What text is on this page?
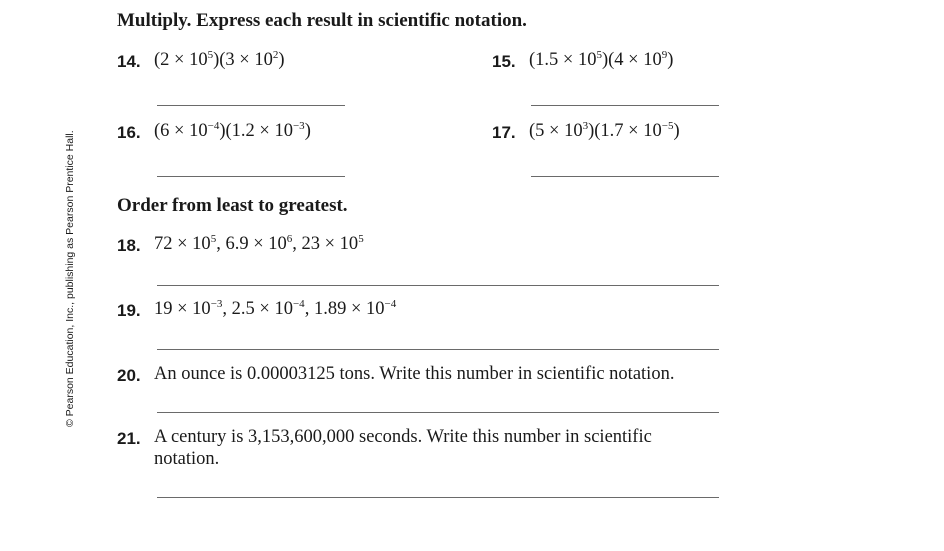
© Pearson Education, Inc., publishing as Pearson Prentice Hall.
Multiply. Express each result in scientific notation.
14. $(2 \times 10^5)(3 \times 10^2)$	15. $(1.5 \times 10^5)(4 \times 10^9)$
16. $(6 \times 10^{-4})(1.2 \times 10^{-3})$	17. $(5 \times 10^3)(1.7 \times 10^{-5})$
Order from least to greatest.
18. $72 \times 10^5$, $6.9 \times 10^6$, $23 \times 10^5$
19. $19 \times 10^{-3}$, $2.5 \times 10^{-4}$, $1.89 \times 10^{-4}$
20. An ounce is 0.00003125 tons. Write this number in scientific notation.
21. A century is 3,153,600,000 seconds. Write this number in scientific
notation.
